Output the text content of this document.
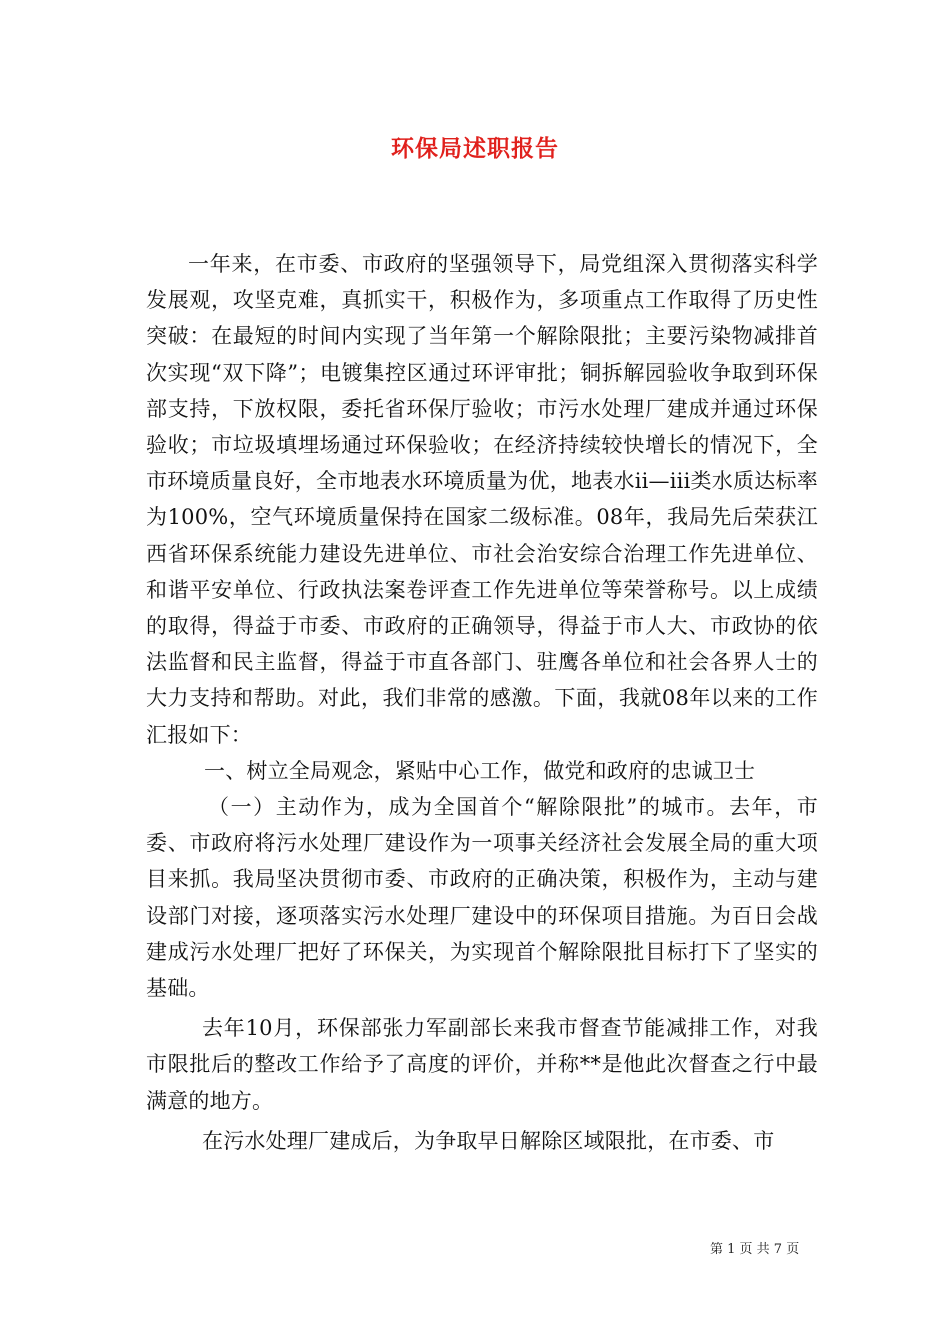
环保局述职报告

一年来，在市委、市政府的坚强领导下，局党组深入贯彻落实科学发展观，攻坚克难，真抓实干，积极作为，多项重点工作取得了历史性突破：在最短的时间内实现了当年第一个解除限批；主要污染物减排首次实现“双下降”；电镀集控区通过环评审批；铜拆解园验收争取到环保部支持，下放权限，委托省环保厅验收；市污水处理厂建成并通过环保验收；市垃圾填埋场通过环保验收；在经济持续较快增长的情况下，全市环境质量良好，全市地表水环境质量为优，地表水ii—iii类水质达标率为100%，空气环境质量保持在国家二级标准。08年，我局先后荣获江西省环保系统能力建设先进单位、市社会治安综合治理工作先进单位、和谐平安单位、行政执法案卷评查工作先进单位等荣誉称号。以上成绩的取得，得益于市委、市政府的正确领导，得益于市人大、市政协的依法监督和民主监督，得益于市直各部门、驻鹰各单位和社会各界人士的大力支持和帮助。对此，我们非常的感激。下面，我就08年以来的工作汇报如下：

一、树立全局观念，紧贴中心工作，做党和政府的忠诚卫士

（一）主动作为，成为全国首个“解除限批”的城市。去年，市委、市政府将污水处理厂建设作为一项事关经济社会发展全局的重大项目来抓。我局坚决贯彻市委、市政府的正确决策，积极作为，主动与建设部门对接，逐项落实污水处理厂建设中的环保项目措施。为百日会战建成污水处理厂把好了环保关，为实现首个解除限批目标打下了坚实的基础。

去年10月，环保部张力军副部长来我市督查节能减排工作，对我市限批后的整改工作给予了高度的评价，并称**是他此次督查之行中最满意的地方。

在污水处理厂建成后，为争取早日解除区域限批，在市委、市

第 1 页 共 7 页
